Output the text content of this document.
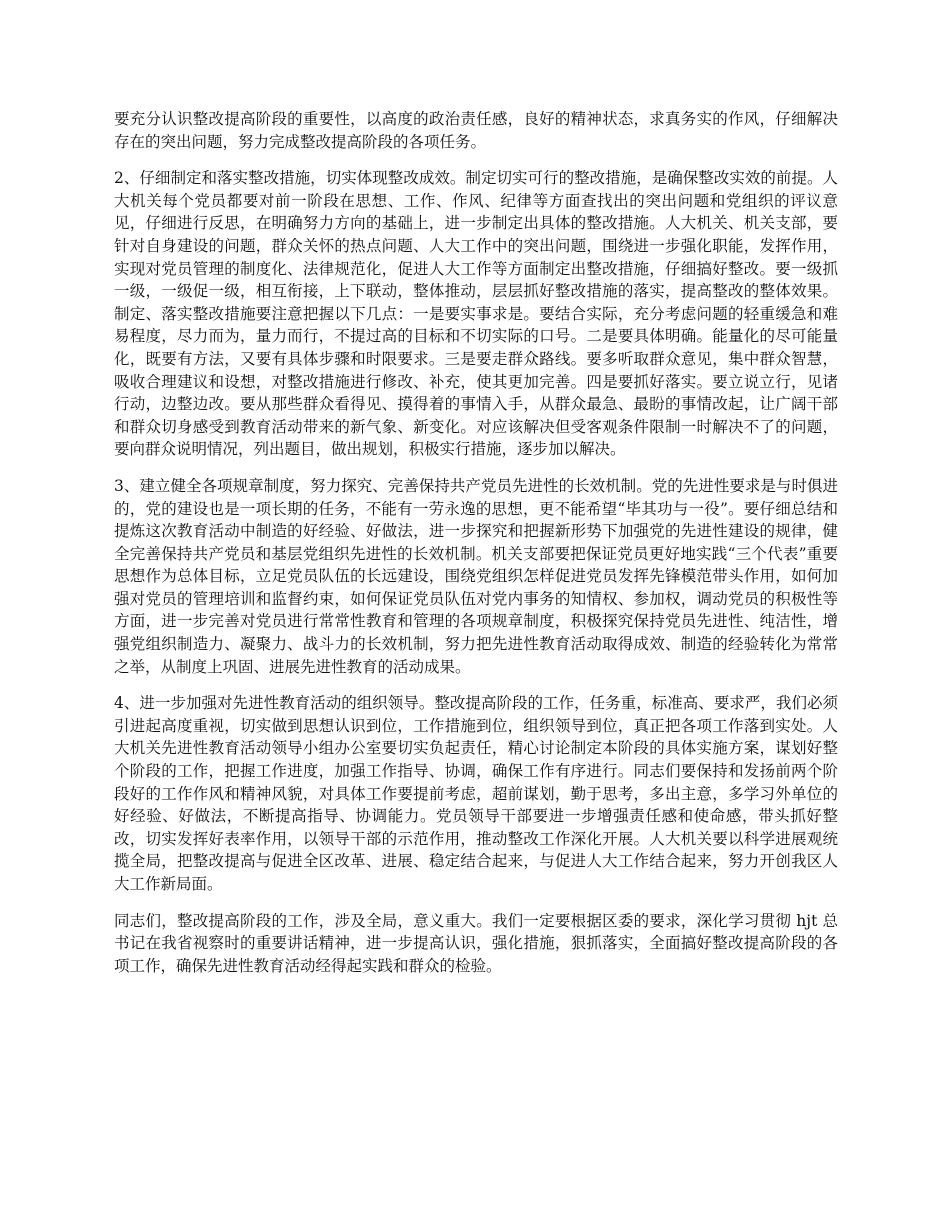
要充分认识整改提高阶段的重要性，以高度的政治责任感，良好的精神状态，求真务实的作风，仔细解决存在的突出问题，努力完成整改提高阶段的各项任务。

2、仔细制定和落实整改措施，切实体现整改成效。制定切实可行的整改措施，是确保整改实效的前提。人大机关每个党员都要对前一阶段在思想、工作、作风、纪律等方面查找出的突出问题和党组织的评议意见，仔细进行反思，在明确努力方向的基础上，进一步制定出具体的整改措施。人大机关、机关支部，要针对自身建设的问题，群众关怀的热点问题、人大工作中的突出问题，围绕进一步强化职能，发挥作用，实现对党员管理的制度化、法律规范化，促进人大工作等方面制定出整改措施，仔细搞好整改。要一级抓一级，一级促一级，相互衔接，上下联动，整体推动，层层抓好整改措施的落实，提高整改的整体效果。制定、落实整改措施要注意把握以下几点：一是要实事求是。要结合实际，充分考虑问题的轻重缓急和难易程度，尽力而为，量力而行，不提过高的目标和不切实际的口号。二是要具体明确。能量化的尽可能量化，既要有方法，又要有具体步骤和时限要求。三是要走群众路线。要多听取群众意见，集中群众智慧，吸收合理建议和设想，对整改措施进行修改、补充，使其更加完善。四是要抓好落实。要立说立行，见诸行动，边整边改。要从那些群众看得见、摸得着的事情入手，从群众最急、最盼的事情改起，让广阔干部和群众切身感受到教育活动带来的新气象、新变化。对应该解决但受客观条件限制一时解决不了的问题，要向群众说明情况，列出题目，做出规划，积极实行措施，逐步加以解决。

3、建立健全各项规章制度，努力探究、完善保持共产党员先进性的长效机制。党的先进性要求是与时俱进的，党的建设也是一项长期的任务，不能有一劳永逸的思想，更不能希望“毕其功与一役”。要仔细总结和提炼这次教育活动中制造的好经验、好做法，进一步探究和把握新形势下加强党的先进性建设的规律，健全完善保持共产党员和基层党组织先进性的长效机制。机关支部要把保证党员更好地实践“三个代表”重要思想作为总体目标，立足党员队伍的长远建设，围绕党组织怎样促进党员发挥先锋模范带头作用，如何加强对党员的管理培训和监督约束，如何保证党员队伍对党内事务的知情权、参加权，调动党员的积极性等方面，进一步完善对党员进行常常性教育和管理的各项规章制度，积极探究保持党员先进性、纯洁性，增强党组织制造力、凝聚力、战斗力的长效机制，努力把先进性教育活动取得成效、制造的经验转化为常常之举，从制度上巩固、进展先进性教育的活动成果。

4、进一步加强对先进性教育活动的组织领导。整改提高阶段的工作，任务重，标准高、要求严，我们必须引进起高度重视，切实做到思想认识到位，工作措施到位，组织领导到位，真正把各项工作落到实处。人大机关先进性教育活动领导小组办公室要切实负起责任，精心讨论制定本阶段的具体实施方案，谋划好整个阶段的工作，把握工作进度，加强工作指导、协调，确保工作有序进行。同志们要保持和发扬前两个阶段好的工作作风和精神风貌，对具体工作要提前考虑，超前谋划，勤于思考，多出主意，多学习外单位的好经验、好做法，不断提高指导、协调能力。党员领导干部要进一步增强责任感和使命感，带头抓好整改，切实发挥好表率作用，以领导干部的示范作用，推动整改工作深化开展。人大机关要以科学进展观统揽全局，把整改提高与促进全区改革、进展、稳定结合起来，与促进人大工作结合起来，努力开创我区人大工作新局面。

同志们，整改提高阶段的工作，涉及全局，意义重大。我们一定要根据区委的要求，深化学习贯彻 hjt 总书记在我省视察时的重要讲话精神，进一步提高认识，强化措施，狠抓落实，全面搞好整改提高阶段的各项工作，确保先进性教育活动经得起实践和群众的检验。
